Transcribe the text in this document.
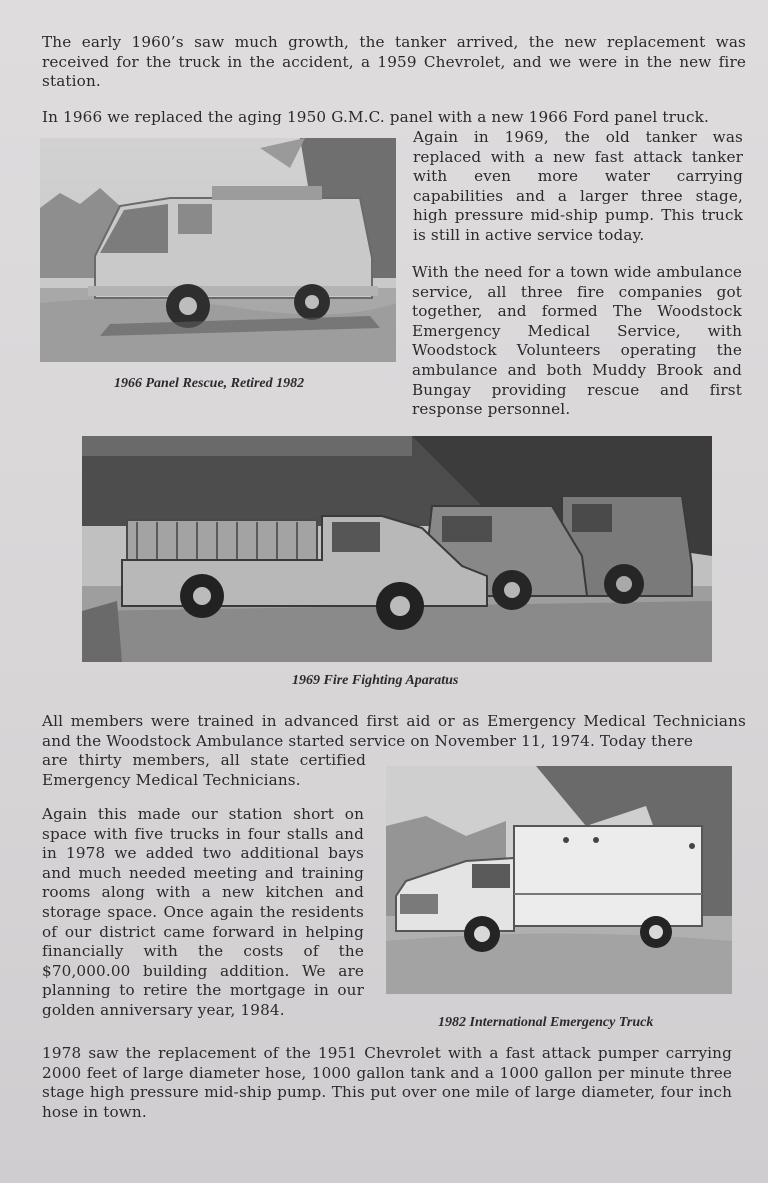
The early 1960’s saw much growth, the tanker arrived, the new replacement was received for the truck in the accident, a 1959 Chevrolet, and we were in the new fire station.

In 1966 we replaced the aging 1950 G.M.C. panel with a new 1966 Ford panel truck.

Again in 1969, the old tanker was replaced with a new fast attack tanker with even more water carrying capabilities and a larger three stage, high pressure mid-ship pump. This truck is still in active service today.

With the need for a town wide ambulance service, all three fire companies got together, and formed The Woodstock Emergency Medical Service, with Woodstock Volunteers operating the ambulance and both Muddy Brook and Bungay providing rescue and first response personnel.

1966 Panel Rescue, Retired 1982
1969 Fire Fighting Aparatus

All members were trained in advanced first aid or as Emergency Medical Technicians and the Woodstock Ambulance started service on November 11, 1974. Today there

are thirty members, all state certified Emergency Medical Technicians.

Again this made our station short on space with five trucks in four stalls and in 1978 we added two additional bays and much needed meeting and training rooms along with a new kitchen and storage space. Once again the residents of our district came forward in helping financially with the costs of the $70,000.00 building addition. We are planning to retire the mortgage in our golden anniversary year, 1984.

1982 International Emergency Truck

1978 saw the replacement of the 1951 Chevrolet with a fast attack pumper carrying 2000 feet of large diameter hose, 1000 gallon tank and a 1000 gallon per minute three stage high pressure mid-ship pump. This put over one mile of large diameter, four inch hose in town.
